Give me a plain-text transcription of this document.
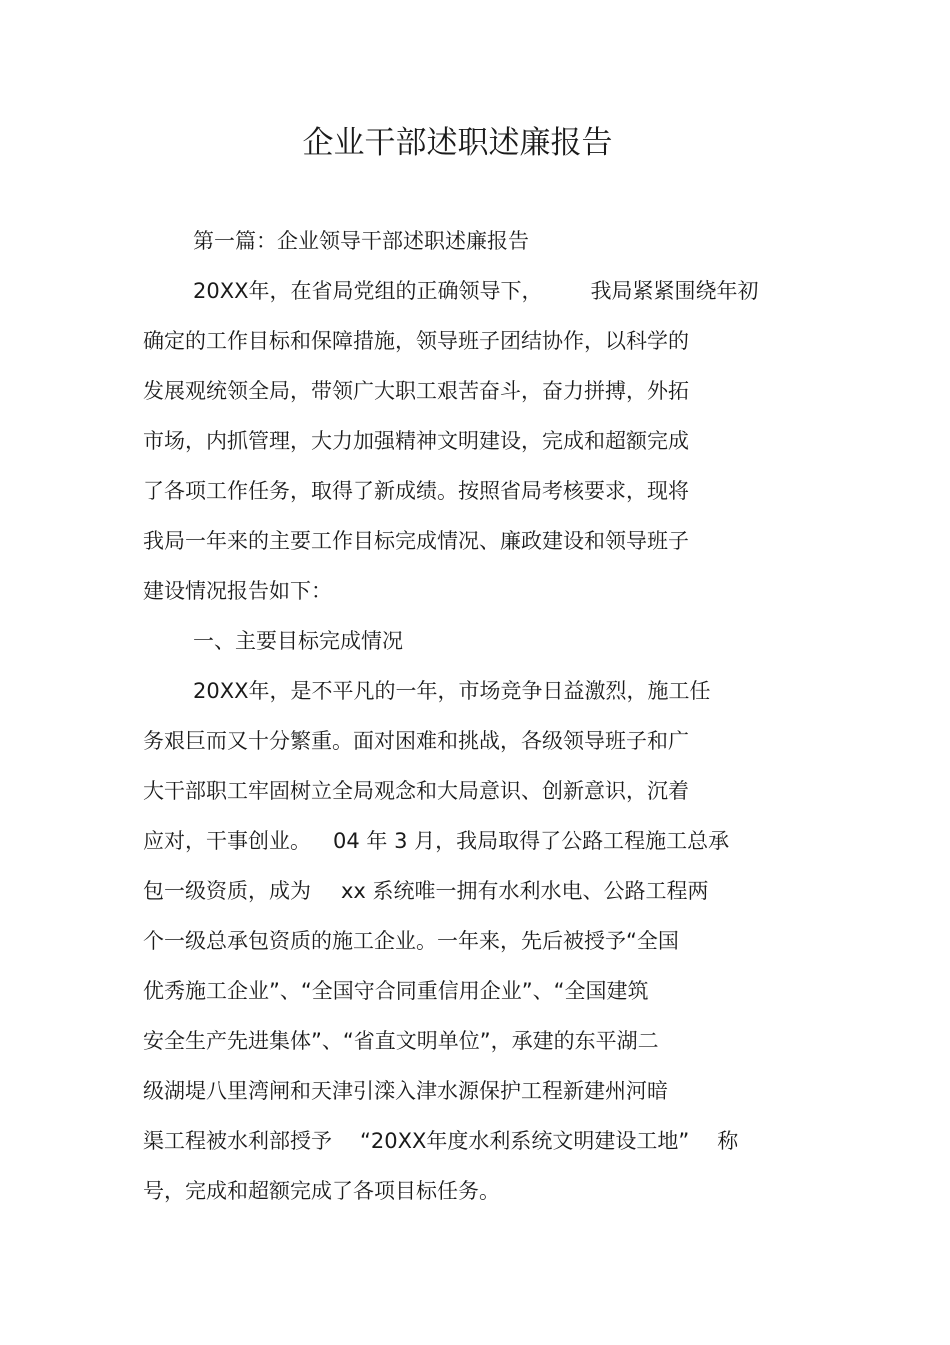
企业干部述职述廉报告
第一篇：企业领导干部述职述廉报告
20XX年，在省局党组的正确领导下， 我局紧紧围绕年初
确定的工作目标和保障措施，领导班子团结协作，以科学的
发展观统领全局，带领广大职工艰苦奋斗，奋力拼搏，外拓
市场，内抓管理，大力加强精神文明建设，完成和超额完成
了各项工作任务，取得了新成绩。按照省局考核要求，现将
我局一年来的主要工作目标完成情况、廉政建设和领导班子
建设情况报告如下：
一、主要目标完成情况
20XX年，是不平凡的一年，市场竞争日益激烈，施工任
务艰巨而又十分繁重。面对困难和挑战，各级领导班子和广
大干部职工牢固树立全局观念和大局意识、创新意识，沉着
应对，干事创业。 04 年 3 月，我局取得了公路工程施工总承
包一级资质，成为 xx 系统唯一拥有水利水电、公路工程两
个一级总承包资质的施工企业。一年来，先后被授予“全国
优秀施工企业”、“全国守合同重信用企业”、“全国建筑
安全生产先进集体”、“省直文明单位”，承建的东平湖二
级湖堤八里湾闸和天津引滦入津水源保护工程新建州河暗
渠工程被水利部授予 “20XX年度水利系统文明建设工地” 称
号，完成和超额完成了各项目标任务。
